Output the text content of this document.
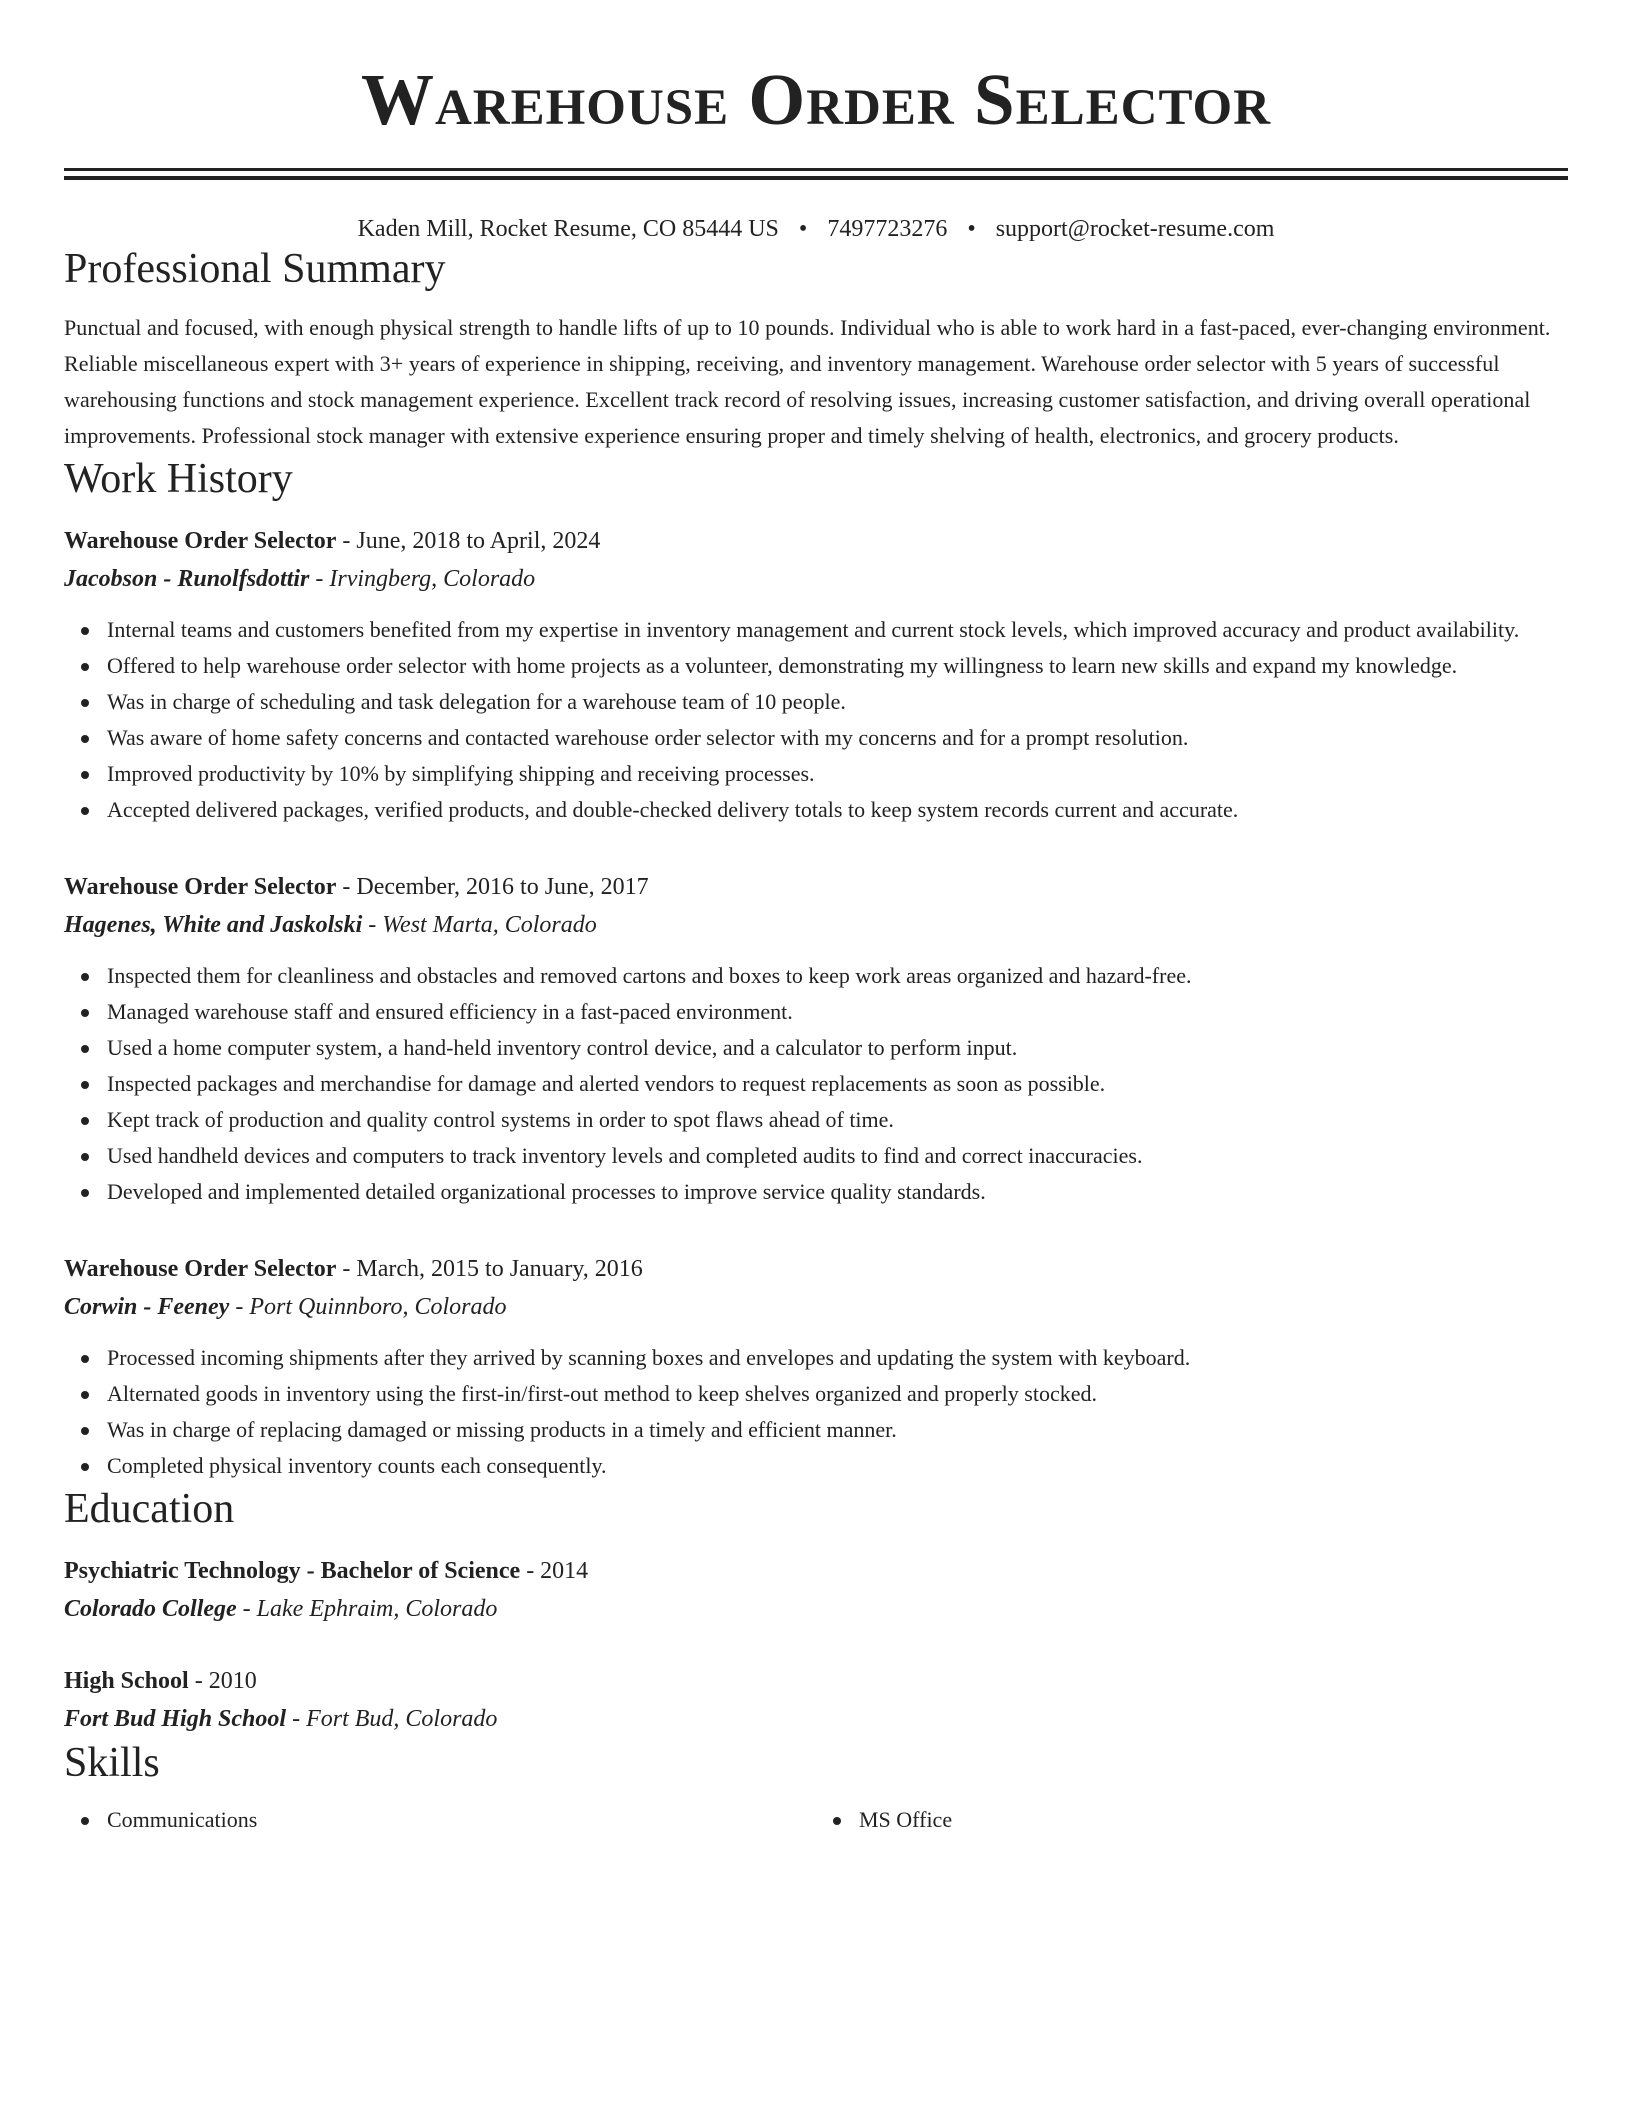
Warehouse Order Selector
Kaden Mill, Rocket Resume, CO 85444 US • 7497723276 • support@rocket-resume.com
Professional Summary

Punctual and focused, with enough physical strength to handle lifts of up to 10 pounds. Individual who is able to work hard in a fast-paced, ever-changing environment. Reliable miscellaneous expert with 3+ years of experience in shipping, receiving, and inventory management. Warehouse order selector with 5 years of successful warehousing functions and stock management experience. Excellent track record of resolving issues, increasing customer satisfaction, and driving overall operational improvements. Professional stock manager with extensive experience ensuring proper and timely shelving of health, electronics, and grocery products.

Work History
Warehouse Order Selector - June, 2018 to April, 2024
Jacobson - Runolfsdottir - Irvingberg, Colorado
Internal teams and customers benefited from my expertise in inventory management and current stock levels, which improved accuracy and product availability.
Offered to help warehouse order selector with home projects as a volunteer, demonstrating my willingness to learn new skills and expand my knowledge.
Was in charge of scheduling and task delegation for a warehouse team of 10 people.
Was aware of home safety concerns and contacted warehouse order selector with my concerns and for a prompt resolution.
Improved productivity by 10% by simplifying shipping and receiving processes.
Accepted delivered packages, verified products, and double-checked delivery totals to keep system records current and accurate.
Warehouse Order Selector - December, 2016 to June, 2017
Hagenes, White and Jaskolski - West Marta, Colorado
Inspected them for cleanliness and obstacles and removed cartons and boxes to keep work areas organized and hazard-free.
Managed warehouse staff and ensured efficiency in a fast-paced environment.
Used a home computer system, a hand-held inventory control device, and a calculator to perform input.
Inspected packages and merchandise for damage and alerted vendors to request replacements as soon as possible.
Kept track of production and quality control systems in order to spot flaws ahead of time.
Used handheld devices and computers to track inventory levels and completed audits to find and correct inaccuracies.
Developed and implemented detailed organizational processes to improve service quality standards.
Warehouse Order Selector - March, 2015 to January, 2016
Corwin - Feeney - Port Quinnboro, Colorado
Processed incoming shipments after they arrived by scanning boxes and envelopes and updating the system with keyboard.
Alternated goods in inventory using the first-in/first-out method to keep shelves organized and properly stocked.
Was in charge of replacing damaged or missing products in a timely and efficient manner.
Completed physical inventory counts each consequently.
Education
Psychiatric Technology - Bachelor of Science - 2014
Colorado College - Lake Ephraim, Colorado
High School - 2010
Fort Bud High School - Fort Bud, Colorado
Skills
Communications	MS Office
